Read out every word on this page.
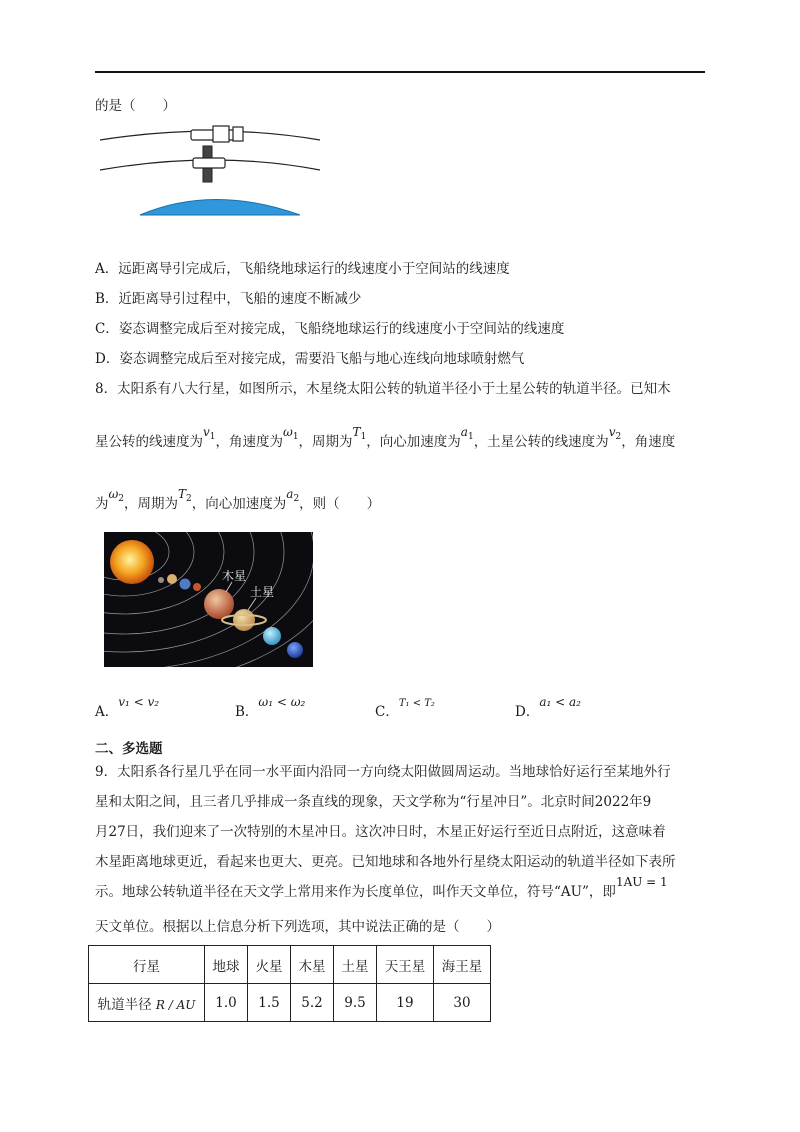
的是（　　）
A．远距离导引完成后，飞船绕地球运行的线速度小于空间站的线速度
B．近距离导引过程中，飞船的速度不断减少
C．姿态调整完成后至对接完成，飞船绕地球运行的线速度小于空间站的线速度
D．姿态调整完成后至对接完成，需要沿飞船与地心连线向地球喷射燃气
8．太阳系有八大行星，如图所示，木星绕太阳公转的轨道半径小于土星公转的轨道半径。已知木
星公转的线速度为$v_1$，角速度为$\omega_1$，周期为$T_1$，向心加速度为$a_1$，土星公转的线速度为$v_2$，角速度
为$\omega_2$，周期为$T_2$，向心加速度为$a_2$，则（　　）
木星
土星
A．v₁ < v₂
B．ω₁ < ω₂
C．$^{T_1 < T_2}$
D．a₁ < a₂
二、多选题
9．太阳系各行星几乎在同一水平面内沿同一方向绕太阳做圆周运动。当地球恰好运行至某地外行
星和太阳之间，且三者几乎排成一条直线的现象，天文学称为“行星冲日”。北京时间2022年9
月27日，我们迎来了一次特别的木星冲日。这次冲日时，木星正好运行至近日点附近，这意味着
木星距离地球更近，看起来也更大、更亮。已知地球和各地外行星绕太阳运动的轨道半径如下表所
示。地球公转轨道半径在天文学上常用来作为长度单位，叫作天文单位，符号“AU”，即1AU = 1
天文单位。根据以上信息分析下列选项，其中说法正确的是（　　）
行星	地球	火星	木星	土星	天王星	海王星
轨道半径 R / AU	1.0	1.5	5.2	9.5	19	30
